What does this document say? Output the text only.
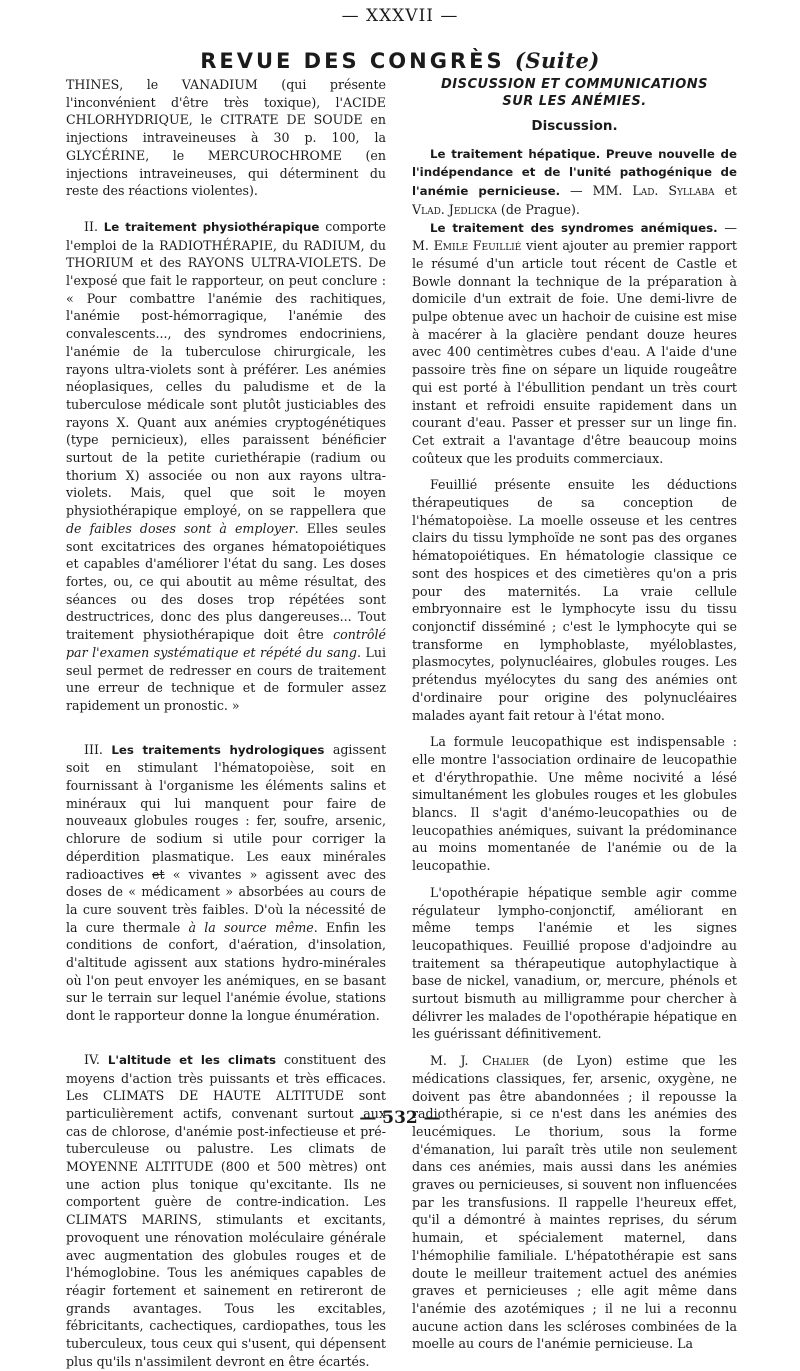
— XXXVII —
REVUE DES CONGRÈS (Suite)

THINES, le VANADIUM (qui présente l'inconvénient d'être très toxique), l'ACIDE CHLORHYDRIQUE, le CITRATE DE SOUDE en injections intraveineuses à 30 p. 100, la GLYCÉRINE, le MERCUROCHROME (en injections intraveineuses, qui déterminent du reste des réactions violentes).

II. Le traitement physiothérapique comporte l'emploi de la RADIOTHÉRAPIE, du RADIUM, du THORIUM et des RAYONS ULTRA-VIOLETS. De l'exposé que fait le rapporteur, on peut conclure : « Pour combattre l'anémie des rachitiques, l'anémie post-hémorragique, l'anémie des convalescents..., des syndromes endocriniens, l'anémie de la tuberculose chirurgicale, les rayons ultra-violets sont à préférer. Les anémies néoplasiques, celles du paludisme et de la tuberculose médicale sont plutôt justiciables des rayons X. Quant aux anémies cryptogénétiques (type pernicieux), elles paraissent bénéficier surtout de la petite curiethérapie (radium ou thorium X) associée ou non aux rayons ultra-violets. Mais, quel que soit le moyen physiothérapique employé, on se rappellera que de faibles doses sont à employer. Elles seules sont excitatrices des organes hématopoiétiques et capables d'améliorer l'état du sang. Les doses fortes, ou, ce qui aboutit au même résultat, des séances ou des doses trop répétées sont destructrices, donc des plus dangereuses... Tout traitement physiothérapique doit être contrôlé par l'examen systématique et répété du sang. Lui seul permet de redresser en cours de traitement une erreur de technique et de formuler assez rapidement un pronostic. »

III. Les traitements hydrologiques agissent soit en stimulant l'hématopoièse, soit en fournissant à l'organisme les éléments salins et minéraux qui lui manquent pour faire de nouveaux globules rouges : fer, soufre, arsenic, chlorure de sodium si utile pour corriger la déperdition plasmatique. Les eaux minérales radioactives et « vivantes » agissent avec des doses de « médicament » absorbées au cours de la cure souvent très faibles. D'où la nécessité de la cure thermale à la source même. Enfin les conditions de confort, d'aération, d'insolation, d'altitude agissent aux stations hydro-minérales où l'on peut envoyer les anémiques, en se basant sur le terrain sur lequel l'anémie évolue, stations dont le rapporteur donne la longue énumération.

IV. L'altitude et les climats constituent des moyens d'action très puissants et très efficaces. Les CLIMATS DE HAUTE ALTITUDE sont particulièrement actifs, convenant surtout aux cas de chlorose, d'anémie post-infectieuse et pré-tuberculeuse ou palustre. Les climats de MOYENNE ALTITUDE (800 et 500 mètres) ont une action plus tonique qu'excitante. Ils ne comportent guère de contre-indication. Les CLIMATS MARINS, stimulants et excitants, provoquent une rénovation moléculaire générale avec augmentation des globules rouges et de l'hémoglobine. Tous les anémiques capables de réagir fortement et sainement en retireront de grands avantages. Tous les excitables, fébricitants, cachectiques, cardiopathes, tous les tuberculeux, tous ceux qui s'usent, qui dépensent plus qu'ils n'assimilent devront en être écartés.

DISCUSSION ET COMMUNICATIONS
SUR LES ANÉMIES.
Discussion.

Le traitement hépatique. Preuve nouvelle de l'indépendance et de l'unité pathogénique de l'anémie pernicieuse. — MM. Lad. Syllaba et Vlad. Jedlicka (de Prague).

Le traitement des syndromes anémiques. — M. Emile Feuillié vient ajouter au premier rapport le résumé d'un article tout récent de Castle et Bowle donnant la technique de la préparation à domicile d'un extrait de foie. Une demi-livre de pulpe obtenue avec un hachoir de cuisine est mise à macérer à la glacière pendant douze heures avec 400 centimètres cubes d'eau. A l'aide d'une passoire très fine on sépare un liquide rougeâtre qui est porté à l'ébullition pendant un très court instant et refroidi ensuite rapidement dans un courant d'eau. Passer et presser sur un linge fin. Cet extrait a l'avantage d'être beaucoup moins coûteux que les produits commerciaux.

Feuillié présente ensuite les déductions thérapeutiques de sa conception de l'hématopoièse. La moelle osseuse et les centres clairs du tissu lymphoïde ne sont pas des organes hématopoiétiques. En hématologie classique ce sont des hospices et des cimetières qu'on a pris pour des maternités. La vraie cellule embryonnaire est le lymphocyte issu du tissu conjonctif disséminé ; c'est le lymphocyte qui se transforme en lymphoblaste, myéloblastes, plasmocytes, polynucléaires, globules rouges. Les prétendus myélocytes du sang des anémies ont d'ordinaire pour origine des polynucléaires malades ayant fait retour à l'état mono.

La formule leucopathique est indispensable : elle montre l'association ordinaire de leucopathie et d'érythropathie. Une même nocivité a lésé simultanément les globules rouges et les globules blancs. Il s'agit d'anémo-leucopathies ou de leucopathies anémiques, suivant la prédominance au moins momentanée de l'anémie ou de la leucopathie.

L'opothérapie hépatique semble agir comme régulateur lympho-conjonctif, améliorant en même temps l'anémie et les signes leucopathiques. Feuillié propose d'adjoindre au traitement sa thérapeutique autophylactique à base de nickel, vanadium, or, mercure, phénols et surtout bismuth au milligramme pour chercher à délivrer les malades de l'opothérapie hépatique en les guérissant définitivement.

M. J. Chalier (de Lyon) estime que les médications classiques, fer, arsenic, oxygène, ne doivent pas être abandonnées ; il repousse la radiothérapie, si ce n'est dans les anémies des leucémiques. Le thorium, sous la forme d'émanation, lui paraît très utile non seulement dans ces anémies, mais aussi dans les anémies graves ou pernicieuses, si souvent non influencées par les transfusions. Il rappelle l'heureux effet, qu'il a démontré à maintes reprises, du sérum humain, et spécialement maternel, dans l'hémophilie familiale. L'hépatothérapie est sans doute le meilleur traitement actuel des anémies graves et pernicieuses ; elle agit même dans l'anémie des azotémiques ; il ne lui a reconnu aucune action dans les scléroses combinées de la moelle au cours de l'anémie pernicieuse. La

— 532 —
